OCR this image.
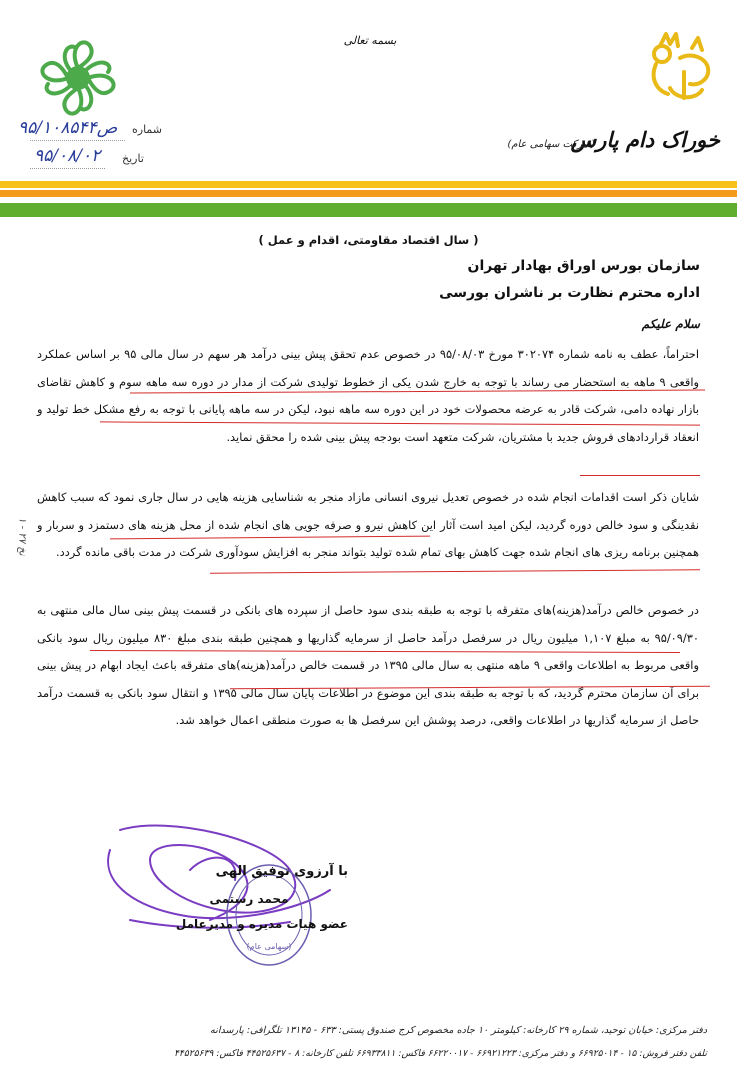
۹۵/۱۰۸۵۴۴ص شماره
۹۵/۰۸/۰۲ تاریخ
بسمه تعالی
خوراک دام پارس
(شرکت سهامی عام)
( سال اقتصاد مقاومتی، اقدام و عمل )
سازمان بورس اوراق بهادار تهران
اداره محترم نظارت بر ناشران بورسی
سلام علیکم

احتراماً، عطف به نامه شماره ۳۰۲۰۷۴ مورخ ۹۵/۰۸/۰۳ در خصوص عدم تحقق پیش بینی درآمد هر سهم در سال مالی ۹۵ بر اساس عملکرد واقعی ۹ ماهه به استحضار می رساند با توجه به خارج شدن یکی از خطوط تولیدی شرکت از مدار در دوره سه ماهه سوم و کاهش تقاضای بازار نهاده دامی، شرکت قادر به عرضه محصولات خود در این دوره سه ماهه نبود، لیکن در سه ماهه پایانی با توجه به رفع مشکل خط تولید و انعقاد قراردادهای فروش جدید با مشتریان، شرکت متعهد است بودجه پیش بینی شده را محقق نماید.

شایان ذکر است اقدامات انجام شده در خصوص تعدیل نیروی انسانی مازاد منجر به شناسایی هزینه هایی در سال جاری نمود که سبب کاهش نقدینگی و سود خالص دوره گردید، لیکن امید است آثار این کاهش نیرو و صرفه جویی های انجام شده از محل هزینه های دستمزد و سربار و همچنین برنامه ریزی های انجام شده جهت کاهش بهای تمام شده تولید بتواند منجر به افزایش سودآوری شرکت در مدت باقی مانده گردد.

در خصوص خالص درآمد(هزینه)های متفرقه با توجه به طبقه بندی سود حاصل از سپرده های بانکی در قسمت پیش بینی سال مالی منتهی به ۹۵/۰۹/۳۰ به مبلغ ۱,۱۰۷ میلیون ریال در سرفصل درآمد حاصل از سرمایه گذاریها و همچنین طبقه بندی مبلغ ۸۳۰ میلیون ریال سود بانکی واقعی مربوط به اطلاعات واقعی ۹ ماهه منتهی به سال مالی ۱۳۹۵ در قسمت خالص درآمد(هزینه)های متفرقه باعث ایجاد ابهام در پیش بینی برای آن سازمان محترم گردید، که با توجه به طبقه بندی این موضوع در اطلاعات پایان سال مالی ۱۳۹۵ و انتقال سود بانکی به قسمت درآمد حاصل از سرمایه گذاریها در اطلاعات واقعی، درصد پوشش این سرفصل ها به صورت منطقی اعمال خواهد شد.

نخ ۲۷ - ۱
(سهامی عام)
با آرزوی توفیق الهی
محمد رستمی
عضو هیات مدیره و مدیرعامل
دفتر مرکزی: خیابان توحید، شماره ۲۹ کارخانه: کیلومتر ۱۰ جاده مخصوص کرج صندوق پستی: ۶۳۳ - ۱۳۱۴۵ تلگرافی: پارسدانه
تلفن دفتر فروش: ۱۵ - ۶۶۹۲۵۰۱۴ و دفتر مرکزی: ۶۶۹۲۱۲۲۳ - ۶۶۲۲۰۰۱۷ فاکس: ۶۶۹۳۳۸۱۱ تلفن کارخانه: ۸ - ۴۴۵۲۵۶۳۷ فاکس: ۴۴۵۲۵۶۳۹
